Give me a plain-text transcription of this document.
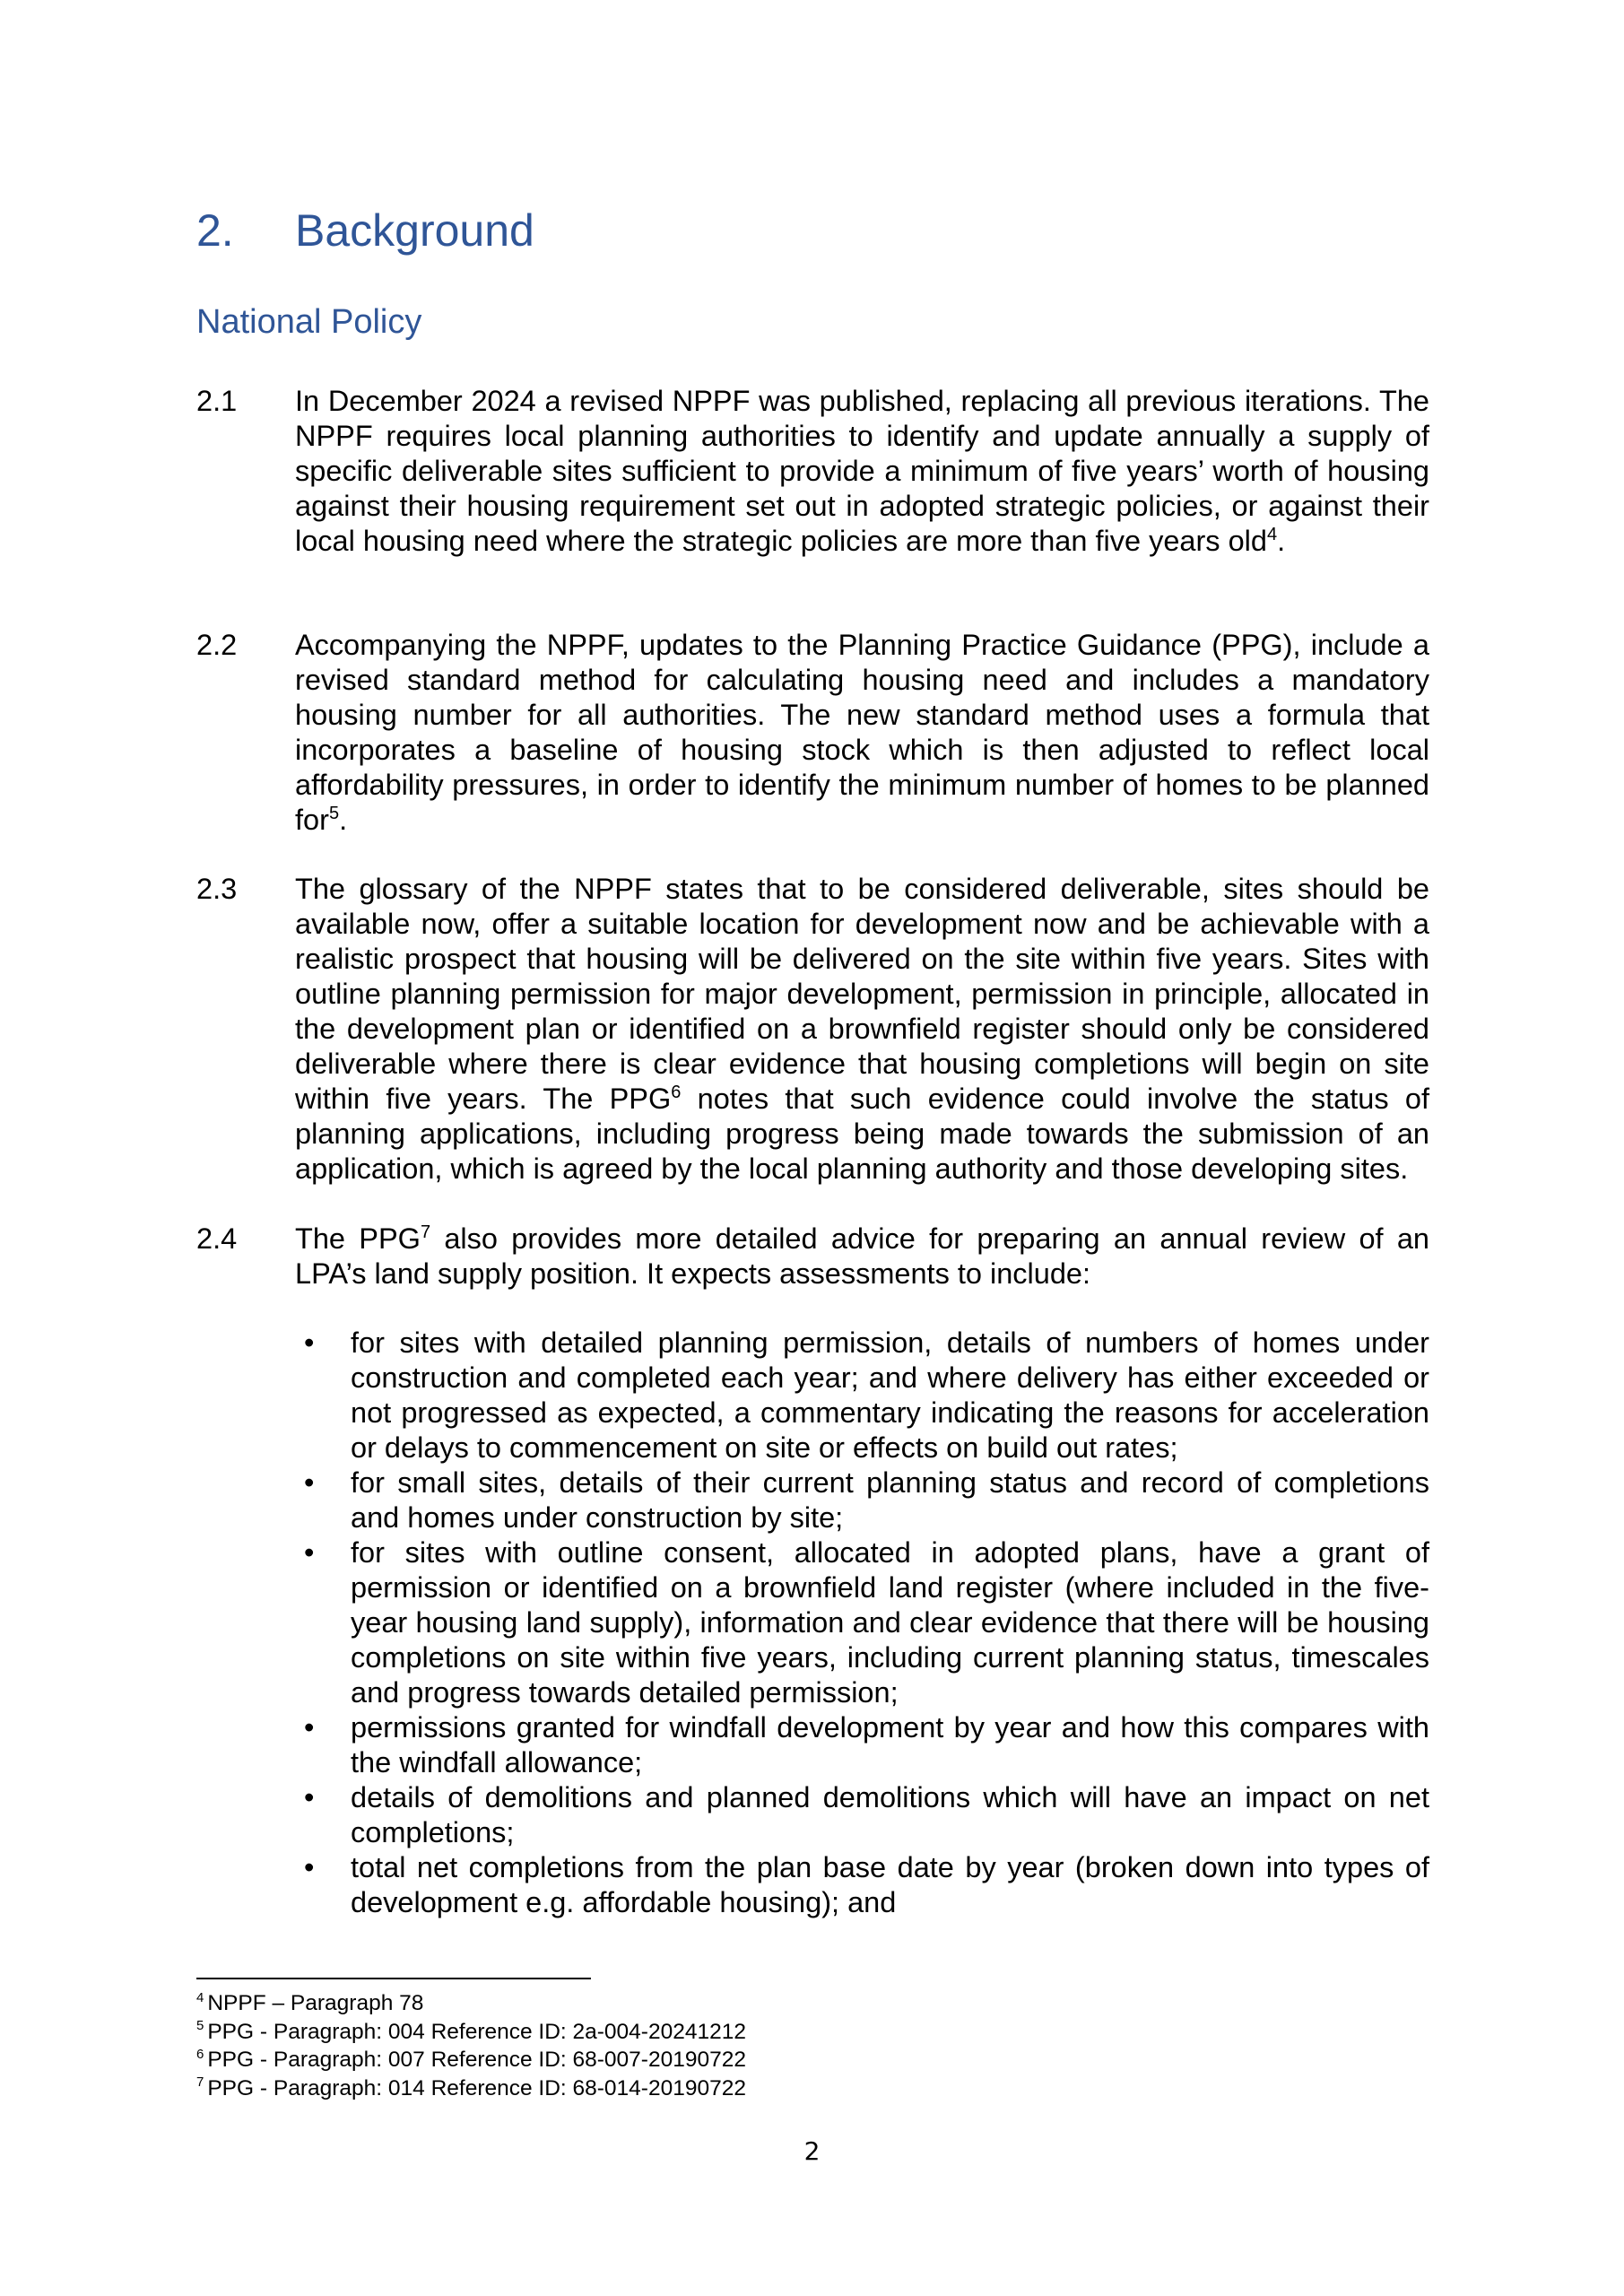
2. Background
National Policy
2.1 In December 2024 a revised NPPF was published, replacing all previous iterations. The NPPF requires local planning authorities to identify and update annually a supply of specific deliverable sites sufficient to provide a minimum of five years’ worth of housing against their housing requirement set out in adopted strategic policies, or against their local housing need where the strategic policies are more than five years old$^4$.
2.2 Accompanying the NPPF, updates to the Planning Practice Guidance (PPG), include a revised standard method for calculating housing need and includes a mandatory housing number for all authorities. The new standard method uses a formula that incorporates a baseline of housing stock which is then adjusted to reflect local affordability pressures, in order to identify the minimum number of homes to be planned for$^5$.
2.3 The glossary of the NPPF states that to be considered deliverable, sites should be available now, offer a suitable location for development now and be achievable with a realistic prospect that housing will be delivered on the site within five years. Sites with outline planning permission for major development, permission in principle, allocated in the development plan or identified on a brownfield register should only be considered deliverable where there is clear evidence that housing completions will begin on site within five years. The PPG$^6$ notes that such evidence could involve the status of planning applications, including progress being made towards the submission of an application, which is agreed by the local planning authority and those developing sites.
2.4 The PPG$^7$ also provides more detailed advice for preparing an annual review of an LPA’s land supply position. It expects assessments to include:
• for sites with detailed planning permission, details of numbers of homes under construction and completed each year; and where delivery has either exceeded or not progressed as expected, a commentary indicating the reasons for acceleration or delays to commencement on site or effects on build out rates;
• for small sites, details of their current planning status and record of completions and homes under construction by site;
• for sites with outline consent, allocated in adopted plans, have a grant of permission or identified on a brownfield land register (where included in the five-year housing land supply), information and clear evidence that there will be housing completions on site within five years, including current planning status, timescales and progress towards detailed permission;
• permissions granted for windfall development by year and how this compares with the windfall allowance;
• details of demolitions and planned demolitions which will have an impact on net completions;
• total net completions from the plan base date by year (broken down into types of development e.g. affordable housing); and
$^4$ NPPF – Paragraph 78
$^5$ PPG - Paragraph: 004 Reference ID: 2a-004-20241212
$^6$ PPG - Paragraph: 007 Reference ID: 68-007-20190722
$^7$ PPG - Paragraph: 014 Reference ID: 68-014-20190722
2
